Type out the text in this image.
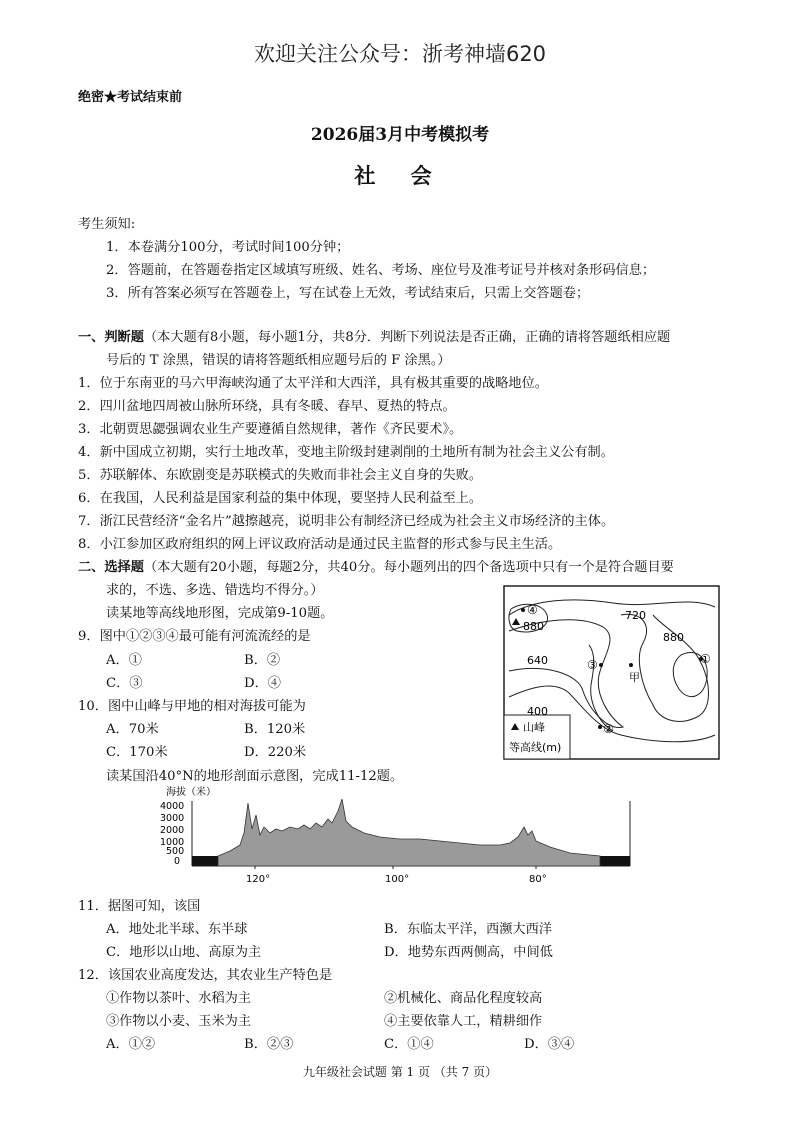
欢迎关注公众号：浙考神墙620
绝密★考试结束前
2026届3月中考模拟考
社 会
考生须知:
1．本卷满分100分，考试时间100分钟；
2．答题前，在答题卷指定区域填写班级、姓名、考场、座位号及准考证号并核对条形码信息；
3．所有答案必须写在答题卷上，写在试卷上无效，考试结束后，只需上交答题卷；
一、判断题（本大题有8小题，每小题1分，共8分．判断下列说法是否正确，正确的请将答题纸相应题
号后的 T 涂黑，错误的请将答题纸相应题号后的 F 涂黑。）
1．位于东南亚的马六甲海峡沟通了太平洋和大西洋，具有极其重要的战略地位。
2．四川盆地四周被山脉所环绕，具有冬暖、春早、夏热的特点。
3．北朝贾思勰强调农业生产要遵循自然规律，著作《齐民要术》。
4．新中国成立初期，实行土地改革，变地主阶级封建剥削的土地所有制为社会主义公有制。
5．苏联解体、东欧剧变是苏联模式的失败而非社会主义自身的失败。
6．在我国，人民利益是国家利益的集中体现，要坚持人民利益至上。
7．浙江民营经济“金名片”越擦越亮，说明非公有制经济已经成为社会主义市场经济的主体。
8．小江参加区政府组织的网上评议政府活动是通过民主监督的形式参与民主生活。
二、选择题（本大题有20小题，每题2分，共40分。每小题列出的四个备选项中只有一个是符合题目要
求的，不选、多选、错选均不得分。）
读某地等高线地形图，完成第9-10题。
9．图中①②③④最可能有河流流经的是
A．①	B．②
C．③	D．④
10．图中山峰与甲地的相对海拔可能为
A．70米	B．120米
C．170米	D．220米
山峰
等高线(m)
④
880
720
880
640	③	①
甲
400
②
读某国沿40°N的地形剖面示意图，完成11-12题。
海拔（米）
4000
3000
2000
1000
500
0
120°	100°	80°
11．据图可知，该国
A．地处北半球、东半球	B．东临太平洋，西濒大西洋
C．地形以山地、高原为主	D．地势东西两侧高，中间低
12．该国农业高度发达，其农业生产特色是
①作物以茶叶、水稻为主	②机械化、商品化程度较高
③作物以小麦、玉米为主	④主要依靠人工，精耕细作
A．①②	B．②③	C．①④	D．③④
九年级社会试题 第 1 页 （共 7 页）
